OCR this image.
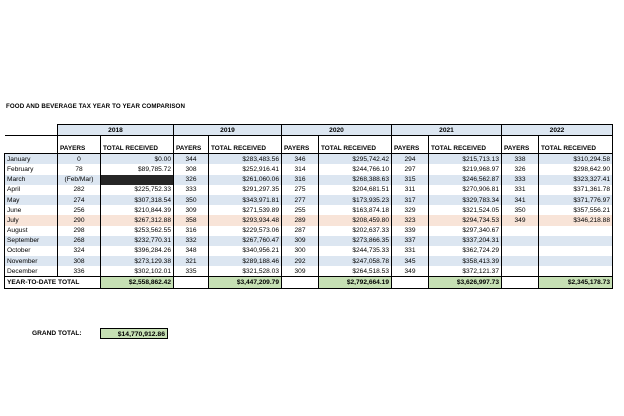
FOOD AND BEVERAGE TAX YEAR TO YEAR COMPARISON
	2018		2019		2020		2021		2022	
	PAYERS	TOTAL RECEIVED	PAYERS	TOTAL RECEIVED	PAYERS	TOTAL RECEIVED	PAYERS	TOTAL RECEIVED	PAYERS	TOTAL RECEIVED
January	0	$0.00	344	$283,483.56	346	$295,742.42	294	$215,713.13	338	$310,294.58
February	78	$89,785.72	308	$252,916.41	314	$244,766.10	297	$219,968.97	326	$298,642.90
March	(Feb/Mar)		326	$261,060.06	316	$268,388.63	315	$246,562.87	333	$323,327.41
April	282	$225,752.33	333	$291,297.35	275	$204,681.51	311	$270,906.81	331	$371,361.78
May	274	$307,318.54	350	$343,971.81	277	$173,935.23	317	$329,783.34	341	$371,776.97
June	256	$210,844.39	309	$271,539.89	255	$163,874.18	329	$321,524.05	350	$357,556.21
July	290	$267,312.88	358	$293,934.48	289	$208,459.80	323	$294,734.53	349	$346,218.88
August	298	$253,562.55	316	$229,573.06	287	$202,637.33	339	$297,340.67		
September	268	$232,770.31	332	$267,760.47	309	$273,866.35	337	$337,204.31		
October	324	$396,284.26	348	$340,956.21	300	$244,735.33	331	$362,724.29		
November	308	$273,129.38	321	$289,188.46	292	$247,058.78	345	$358,413.39		
December	336	$302,102.01	335	$321,528.03	309	$264,518.53	349	$372,121.37		
YEAR-TO-DATE TOTAL		$2,558,862.42		$3,447,209.79		$2,792,664.19		$3,626,997.73		$2,345,178.73
GRAND TOTAL:	$14,770,912.86
